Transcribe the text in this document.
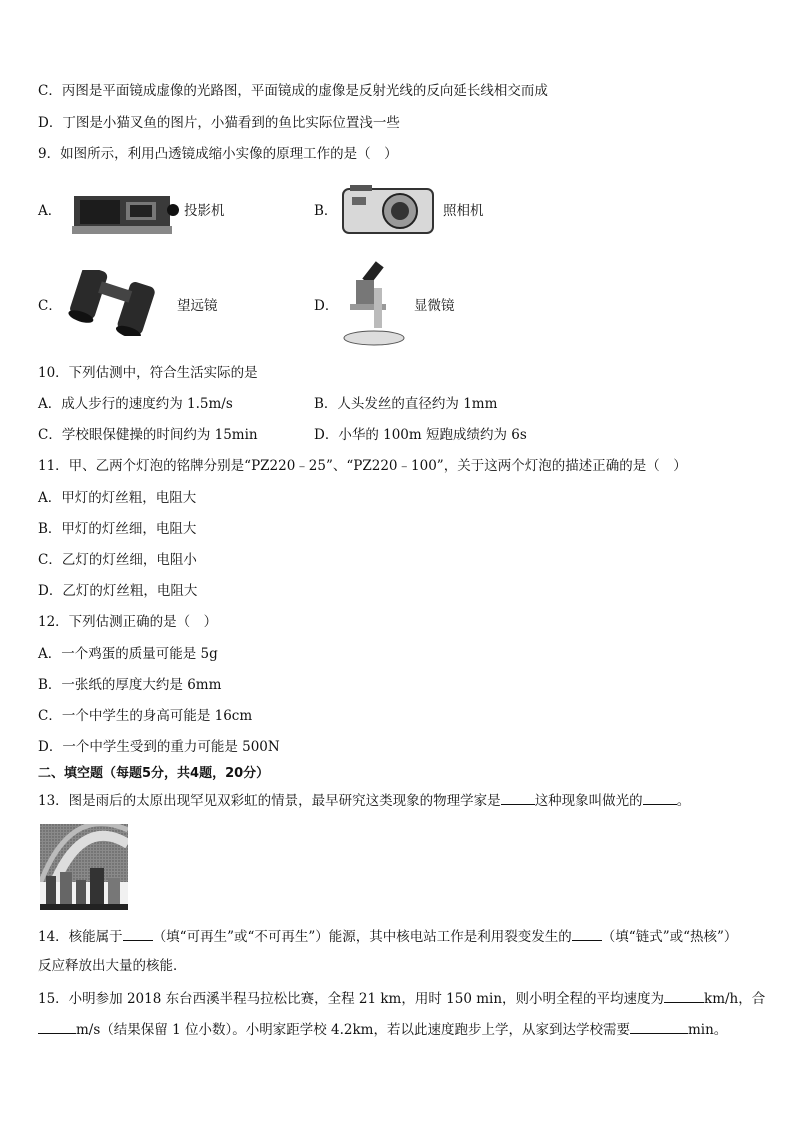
C．丙图是平面镜成虚像的光路图，平面镜成的虚像是反射光线的反向延长线相交而成
D．丁图是小猫叉鱼的图片，小猫看到的鱼比实际位置浅一些
9．如图所示，利用凸透镜成缩小实像的原理工作的是（　）
A．	投影机	B．	照相机
C．	望远镜	D．	显微镜
10．下列估测中，符合生活实际的是
A．成人步行的速度约为 1.5m/s	B．人头发丝的直径约为 1mm
C．学校眼保健操的时间约为 15min	D．小华的 100m 短跑成绩约为 6s
11．甲、乙两个灯泡的铭牌分别是“PZ220﹣25”、“PZ220﹣100”，关于这两个灯泡的描述正确的是（　）
A．甲灯的灯丝粗，电阻大
B．甲灯的灯丝细，电阻大
C．乙灯的灯丝细，电阻小
D．乙灯的灯丝粗，电阻大
12．下列估测正确的是（　）
A．一个鸡蛋的质量可能是 5g
B．一张纸的厚度大约是 6mm
C．一个中学生的身高可能是 16cm
D．一个中学生受到的重力可能是 500N
二、填空题（每题5分，共4题，20分）
13．图是雨后的太原出现罕见双彩虹的情景，最早研究这类现象的物理学家是	这种现象叫做光的	。
14．核能属于 （填“可再生”或“不可再生”）能源，其中核电站工作是利用裂变发生的 （填“链式”或“热核”）
反应释放出大量的核能．
15．小明参加 2018 东台西溪半程马拉松比赛，全程 21 km，用时 150 min，则小明全程的平均速度为	km/h，合
m/s（结果保留 1 位小数）。小明家距学校 4.2km，若以此速度跑步上学，从家到达学校需要	min。
